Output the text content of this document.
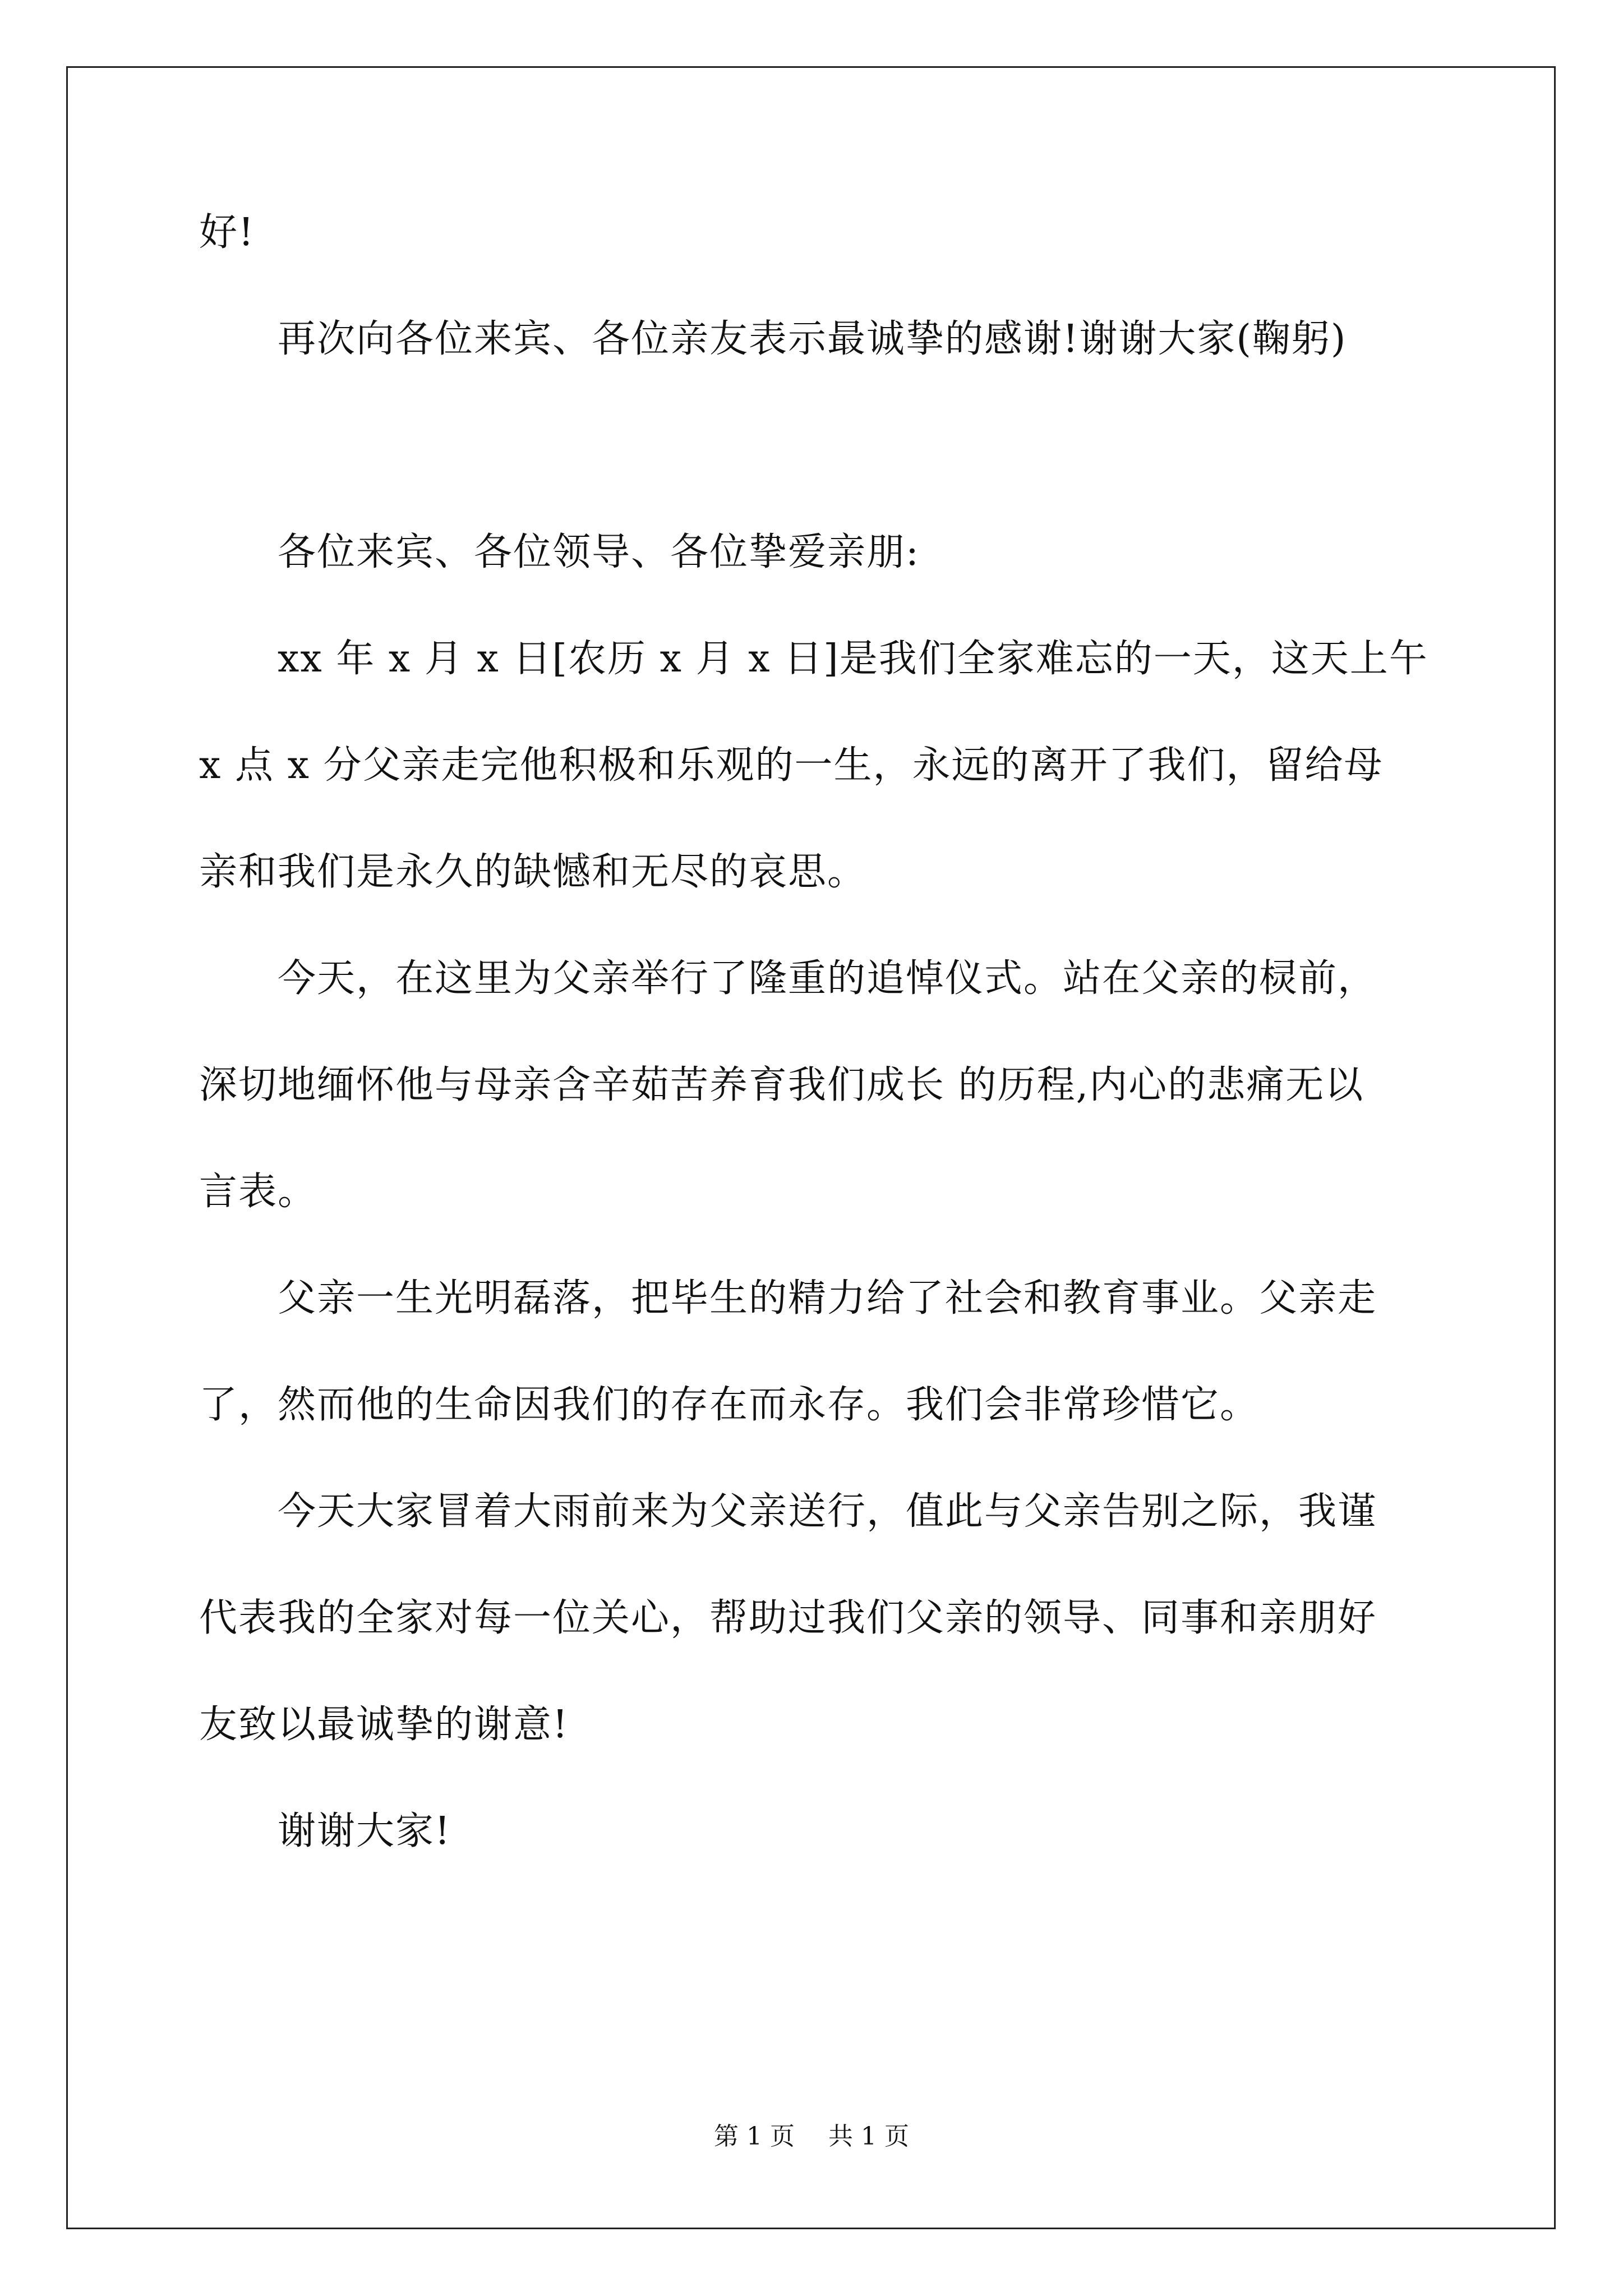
好!
　　再次向各位来宾、各位亲友表示最诚挚的感谢!谢谢大家(鞠躬)
　　各位来宾、各位领导、各位挚爱亲朋:
　　xx 年 x 月 x 日[农历 x 月 x 日]是我们全家难忘的一天，这天上午
x 点 x 分父亲走完他积极和乐观的一生，永远的离开了我们，留给母
亲和我们是永久的缺憾和无尽的哀思。
　　今天，在这里为父亲举行了隆重的追悼仪式。站在父亲的棂前，
深切地缅怀他与母亲含辛茹苦养育我们成长 的历程,内心的悲痛无以
言表。
　　父亲一生光明磊落，把毕生的精力给了社会和教育事业。父亲走
了，然而他的生命因我们的存在而永存。我们会非常珍惜它。
　　今天大家冒着大雨前来为父亲送行，值此与父亲告别之际，我谨
代表我的全家对每一位关心，帮助过我们父亲的领导、同事和亲朋好
友致以最诚挚的谢意!
　　谢谢大家!
第 1 页 共 1 页
